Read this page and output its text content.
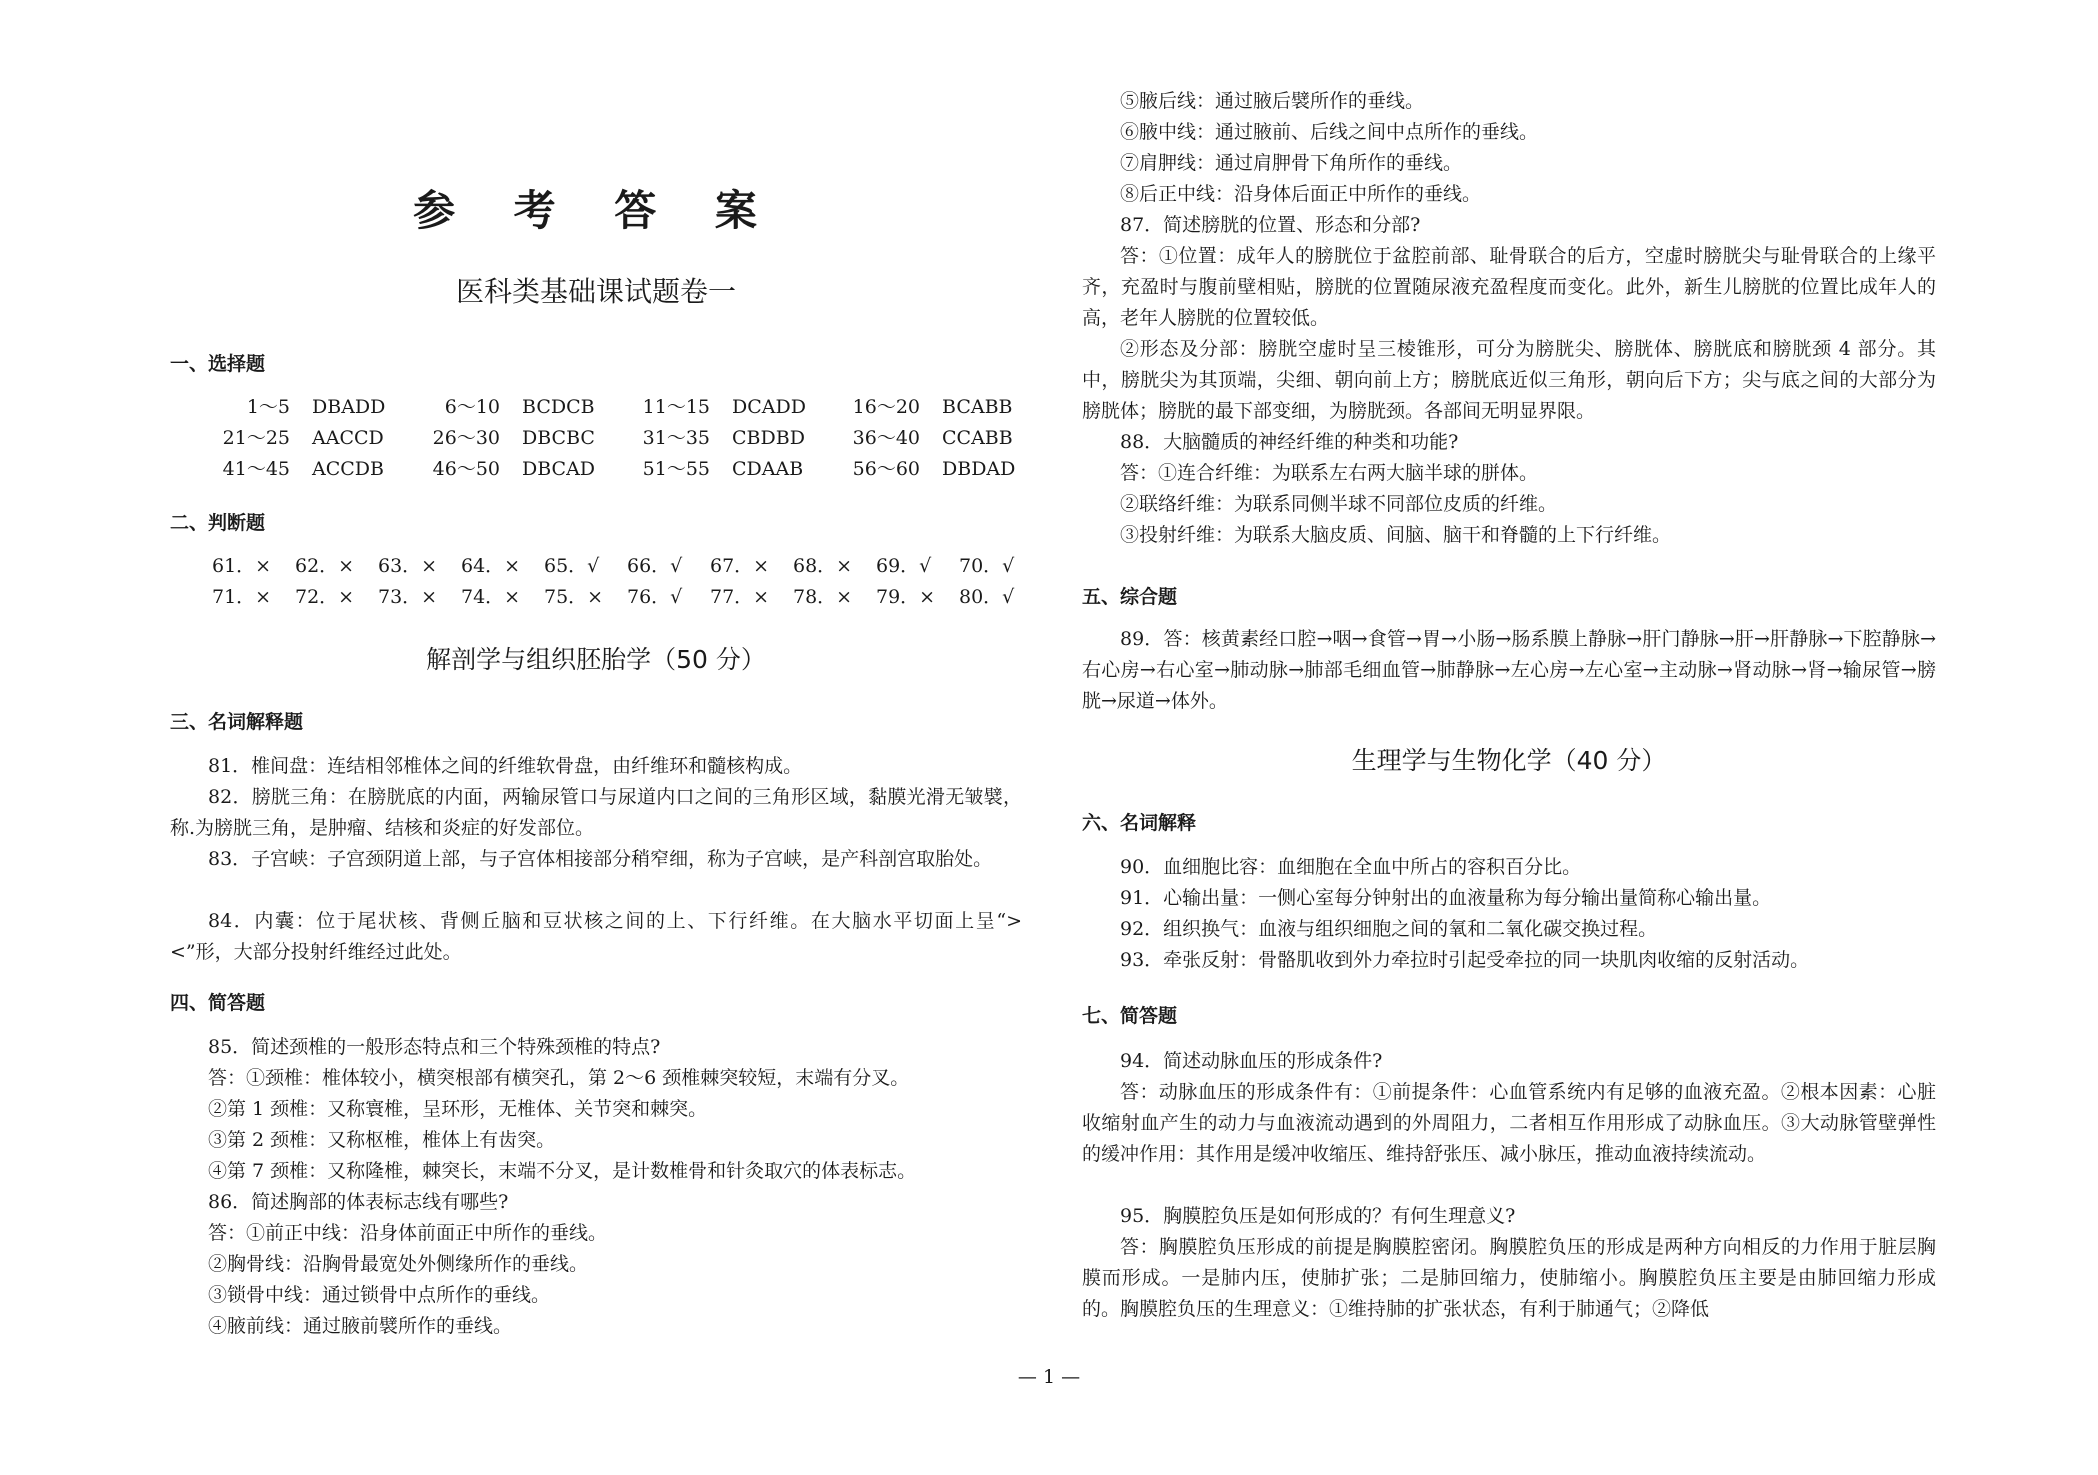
参 考 答 案
医科类基础课试题卷一
一、选择题
1～5 DBADD	6～10 BCDCB	11～15 DCADD 16～20 BCABB
21～25 AACCD	26～30 DBCBC	31～35 CBDBD	36～40 CCABB
41～45 ACCDB	46～50 DBCAD	51～55 CDAAB	56～60 DBDAD
二、判断题
61．× 62．× 63．× 64．× 65．√ 66．√ 67．× 68．× 69．√ 70．√
71．× 72．× 73．× 74．× 75．× 76．√ 77．× 78．× 79．× 80．√
解剖学与组织胚胎学（50 分）
三、名词解释题
81．椎间盘：连结相邻椎体之间的纤维软骨盘，由纤维环和髓核构成。
82．膀胱三角：在膀胱底的内面，两输尿管口与尿道内口之间的三角形区域，黏膜光滑无皱襞，称.为膀胱三角，是肿瘤、结核和炎症的好发部位。
83．子宫峡：子宫颈阴道上部，与子宫体相接部分稍窄细，称为子宫峡，是产科剖宫取胎处。
84．内囊：位于尾状核、背侧丘脑和豆状核之间的上、下行纤维。在大脑水平切面上呈“><”形，大部分投射纤维经过此处。
四、简答题
85．简述颈椎的一般形态特点和三个特殊颈椎的特点?
答：①颈椎：椎体较小，横突根部有横突孔，第 2～6 颈椎棘突较短，末端有分叉。
②第 1 颈椎：又称寰椎，呈环形，无椎体、关节突和棘突。
③第 2 颈椎：又称枢椎，椎体上有齿突。
④第 7 颈椎：又称隆椎，棘突长，末端不分叉，是计数椎骨和针灸取穴的体表标志。
86．简述胸部的体表标志线有哪些?
答：①前正中线：沿身体前面正中所作的垂线。
②胸骨线：沿胸骨最宽处外侧缘所作的垂线。
③锁骨中线：通过锁骨中点所作的垂线。
④腋前线：通过腋前襞所作的垂线。
⑤腋后线：通过腋后襞所作的垂线。
⑥腋中线：通过腋前、后线之间中点所作的垂线。
⑦肩胛线：通过肩胛骨下角所作的垂线。
⑧后正中线：沿身体后面正中所作的垂线。
87．简述膀胱的位置、形态和分部?
答：①位置：成年人的膀胱位于盆腔前部、耻骨联合的后方，空虚时膀胱尖与耻骨联合的上缘平齐，充盈时与腹前壁相贴，膀胱的位置随尿液充盈程度而变化。此外，新生儿膀胱的位置比成年人的高，老年人膀胱的位置较低。
②形态及分部：膀胱空虚时呈三棱锥形，可分为膀胱尖、膀胱体、膀胱底和膀胱颈 4 部分。其中，膀胱尖为其顶端，尖细、朝向前上方；膀胱底近似三角形，朝向后下方；尖与底之间的大部分为膀胱体；膀胱的最下部变细，为膀胱颈。各部间无明显界限。
88．大脑髓质的神经纤维的种类和功能?
答：①连合纤维：为联系左右两大脑半球的胼体。
②联络纤维：为联系同侧半球不同部位皮质的纤维。
③投射纤维：为联系大脑皮质、间脑、脑干和脊髓的上下行纤维。
五、综合题
89．答：核黄素经口腔→咽→食管→胃→小肠→肠系膜上静脉→肝门静脉→肝→肝静脉→下腔静脉→右心房→右心室→肺动脉→肺部毛细血管→肺静脉→左心房→左心室→主动脉→肾动脉→肾→输尿管→膀胱→尿道→体外。
生理学与生物化学（40 分）
六、名词解释
90．血细胞比容：血细胞在全血中所占的容积百分比。
91．心输出量：一侧心室每分钟射出的血液量称为每分输出量简称心输出量。
92．组织换气：血液与组织细胞之间的氧和二氧化碳交换过程。
93．牵张反射：骨骼肌收到外力牵拉时引起受牵拉的同一块肌肉收缩的反射活动。
七、简答题
94．简述动脉血压的形成条件?
答：动脉血压的形成条件有：①前提条件：心血管系统内有足够的血液充盈。②根本因素：心脏收缩射血产生的动力与血液流动遇到的外周阻力，二者相互作用形成了动脉血压。③大动脉管壁弹性的缓冲作用：其作用是缓冲收缩压、维持舒张压、减小脉压，推动血液持续流动。
95．胸膜腔负压是如何形成的？有何生理意义?
答：胸膜腔负压形成的前提是胸膜腔密闭。胸膜腔负压的形成是两种方向相反的力作用于脏层胸膜而形成。一是肺内压，使肺扩张；二是肺回缩力，使肺缩小。胸膜腔负压主要是由肺回缩力形成的。胸膜腔负压的生理意义：①维持肺的扩张状态，有利于肺通气；②降低
— 1 —
